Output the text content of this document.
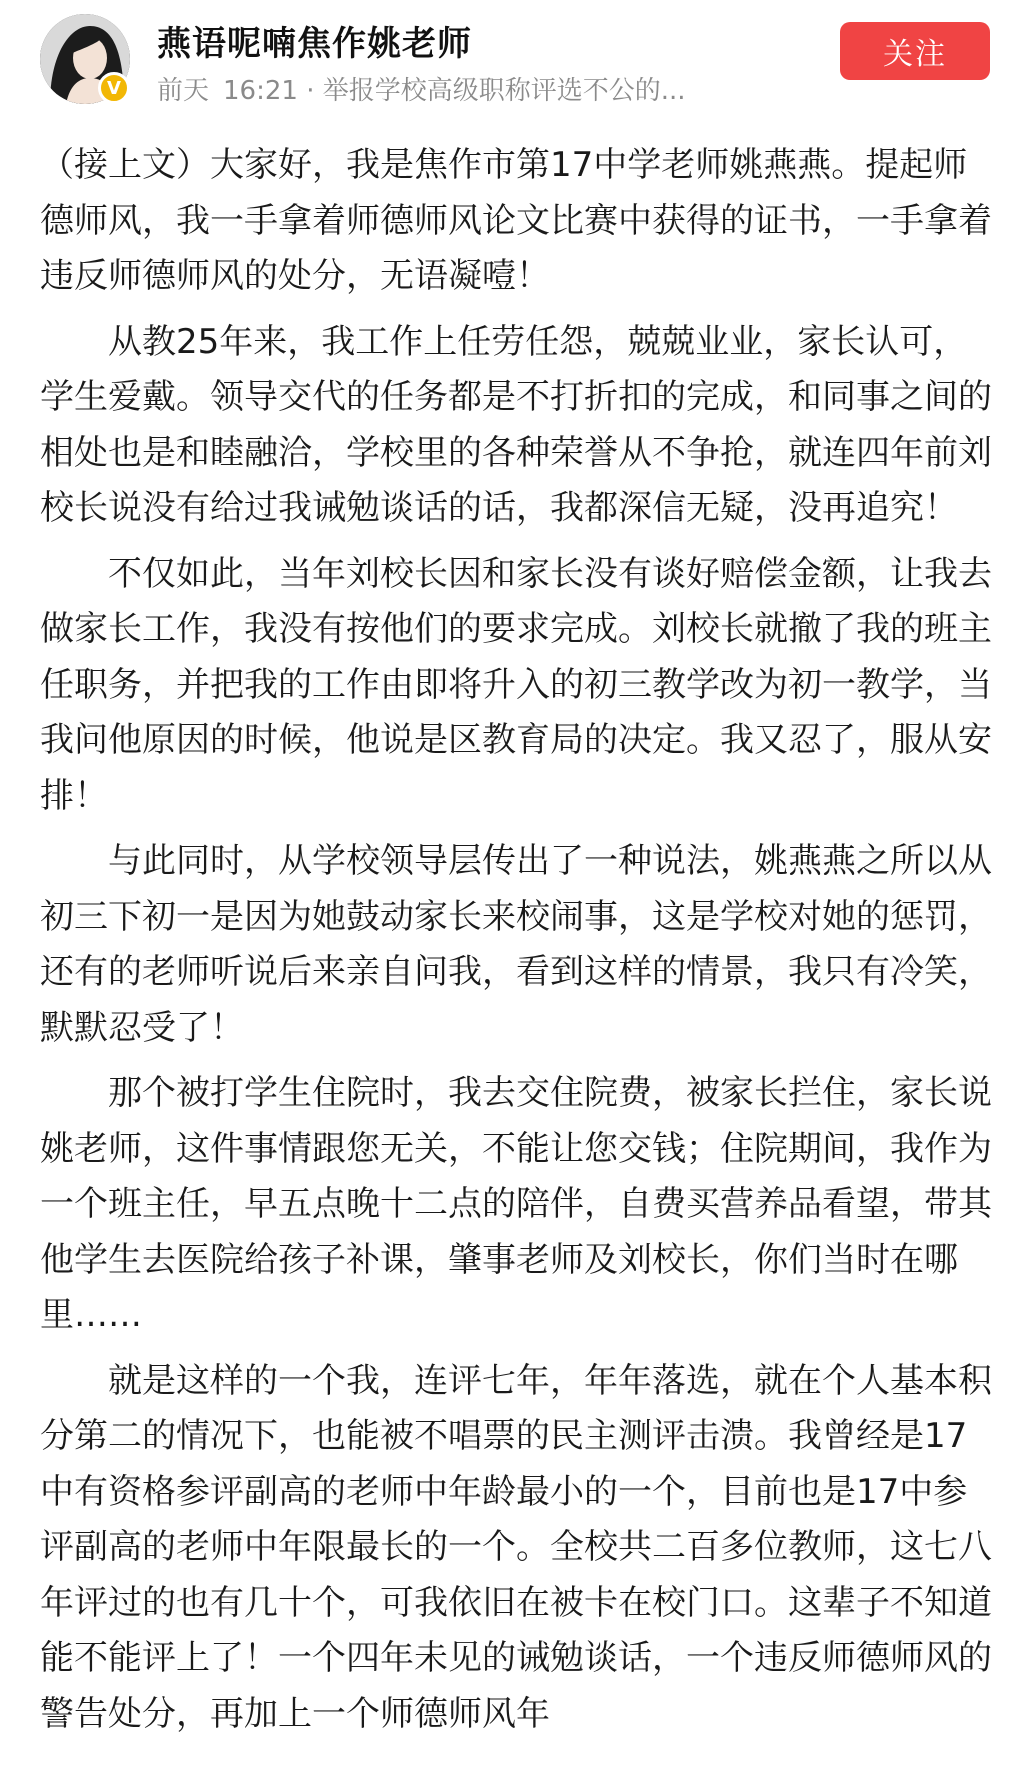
V
燕语呢喃焦作姚老师
前天 16:21 · 举报学校高级职称评选不公的...
关注

（接上文）大家好，我是焦作市第17中学老师姚燕燕。提起师德师风，我一手拿着师德师风论文比赛中获得的证书，一手拿着违反师德师风的处分，无语凝噎！

从教25年来，我工作上任劳任怨，兢兢业业，家长认可，学生爱戴。领导交代的任务都是不打折扣的完成，和同事之间的相处也是和睦融洽，学校里的各种荣誉从不争抢，就连四年前刘校长说没有给过我诫勉谈话的话，我都深信无疑，没再追究！

不仅如此，当年刘校长因和家长没有谈好赔偿金额，让我去做家长工作，我没有按他们的要求完成。刘校长就撤了我的班主任职务，并把我的工作由即将升入的初三教学改为初一教学，当我问他原因的时候，他说是区教育局的决定。我又忍了，服从安排！

与此同时，从学校领导层传出了一种说法，姚燕燕之所以从初三下初一是因为她鼓动家长来校闹事，这是学校对她的惩罚，还有的老师听说后来亲自问我，看到这样的情景，我只有冷笑，默默忍受了！

那个被打学生住院时，我去交住院费，被家长拦住，家长说姚老师，这件事情跟您无关，不能让您交钱；住院期间，我作为一个班主任，早五点晚十二点的陪伴，自费买营养品看望，带其他学生去医院给孩子补课，肇事老师及刘校长，你们当时在哪里……

就是这样的一个我，连评七年，年年落选，就在个人基本积分第二的情况下，也能被不唱票的民主测评击溃。我曾经是17中有资格参评副高的老师中年龄最小的一个，目前也是17中参评副高的老师中年限最长的一个。全校共二百多位教师，这七八年评过的也有几十个，可我依旧在被卡在校门口。这辈子不知道能不能评上了！一个四年未见的诫勉谈话，一个违反师德师风的警告处分，再加上一个师德师风年
